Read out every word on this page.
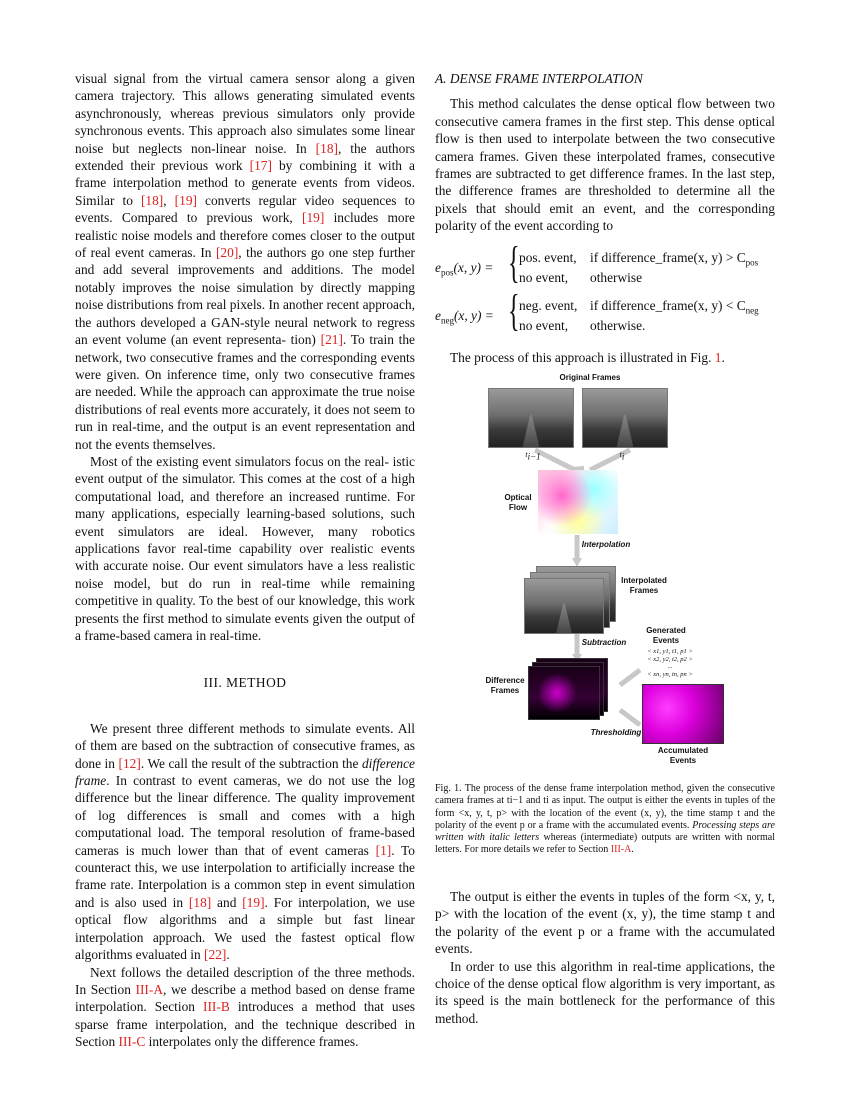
visual signal from the virtual camera sensor along a given camera trajectory. This allows generating simulated events asynchronously, whereas previous simulators only provide synchronous events. This approach also simulates some linear noise but neglects non-linear noise. In [18], the authors extended their previous work [17] by combining it with a frame interpolation method to generate events from videos. Similar to [18], [19] converts regular video sequences to events. Compared to previous work, [19] includes more realistic noise models and therefore comes closer to the output of real event cameras. In [20], the authors go one step further and add several improvements and additions. The model notably improves the noise simulation by directly mapping noise distributions from real pixels. In another recent approach, the authors developed a GAN-style neural network to regress an event volume (an event representa- tion) [21]. To train the network, two consecutive frames and the corresponding events were given. On inference time, only two consecutive frames are needed. While the approach can approximate the true noise distributions of real events more accurately, it does not seem to run in real-time, and the output is an event representation and not the events themselves.

Most of the existing event simulators focus on the real- istic event output of the simulator. This comes at the cost of a high computational load, and therefore an increased runtime. For many applications, especially learning-based solutions, such event simulators are ideal. However, many robotics applications favor real-time capability over realistic events with accurate noise. Our event simulators have a less realistic noise model, but do run in real-time while remaining competitive in quality. To the best of our knowledge, this work presents the first method to simulate events given the output of a frame-based camera in real-time.

III. METHOD

We present three different methods to simulate events. All of them are based on the subtraction of consecutive frames, as done in [12]. We call the result of the subtraction the difference frame. In contrast to event cameras, we do not use the log difference but the linear difference. The quality improvement of log differences is small and comes with a high computational load. The temporal resolution of frame-based cameras is much lower than that of event cameras [1]. To counteract this, we use interpolation to artificially increase the frame rate. Interpolation is a common step in event simulation and is also used in [18] and [19]. For interpolation, we use optical flow algorithms and a simple but fast linear interpolation approach. We used the fastest optical flow algorithms evaluated in [22].

Next follows the detailed description of the three methods. In Section III-A, we describe a method based on dense frame interpolation. Section III-B introduces a method that uses sparse frame interpolation, and the technique described in Section III-C interpolates only the difference frames.

A. DENSE FRAME INTERPOLATION

This method calculates the dense optical flow between two consecutive camera frames in the first step. This dense optical flow is then used to interpolate between the two consecutive camera frames. Given these interpolated frames, consecutive frames are subtracted to get difference frames. In the last step, the difference frames are thresholded to determine all the pixels that should emit an event, and the corresponding polarity of the event according to

$e_{pos}(x$, y) = { pos. event, if difference_frame(x, $y) > C_{pos}$
no event, otherwise
$e_{neg}(x$, y) = { neg. event, if difference_frame(x, $y) < C_{neg}$
no event, otherwise.

The process of this approach is illustrated in Fig. 1.

Original Frames
$t_{i-1}$	$t_i$
Optical Flow
Interpolation
Interpolated Frames
Subtraction
Generated Events
< x1, y1, t1, p1 >
< x2, y2, t2, p2 >
...
< xn, yn, tn, pn >
Difference Frames
Thresholding
Accumulated Events
Fig. 1. The process of the dense frame interpolation method, given the consecutive camera frames at ti−1 and ti as input. The output is either the events in tuples of the form <x, y, t, p> with the location of the event (x, y), the time stamp t and the polarity of the event p or a frame with the accumulated events. Processing steps are written with italic letters whereas (intermediate) outputs are written with normal letters. For more details we refer to Section III-A.

The output is either the events in tuples of the form <x, y, t, p> with the location of the event (x, y), the time stamp t and the polarity of the event p or a frame with the accumulated events.

In order to use this algorithm in real-time applications, the choice of the dense optical flow algorithm is very important, as its speed is the main bottleneck for the performance of this method.
